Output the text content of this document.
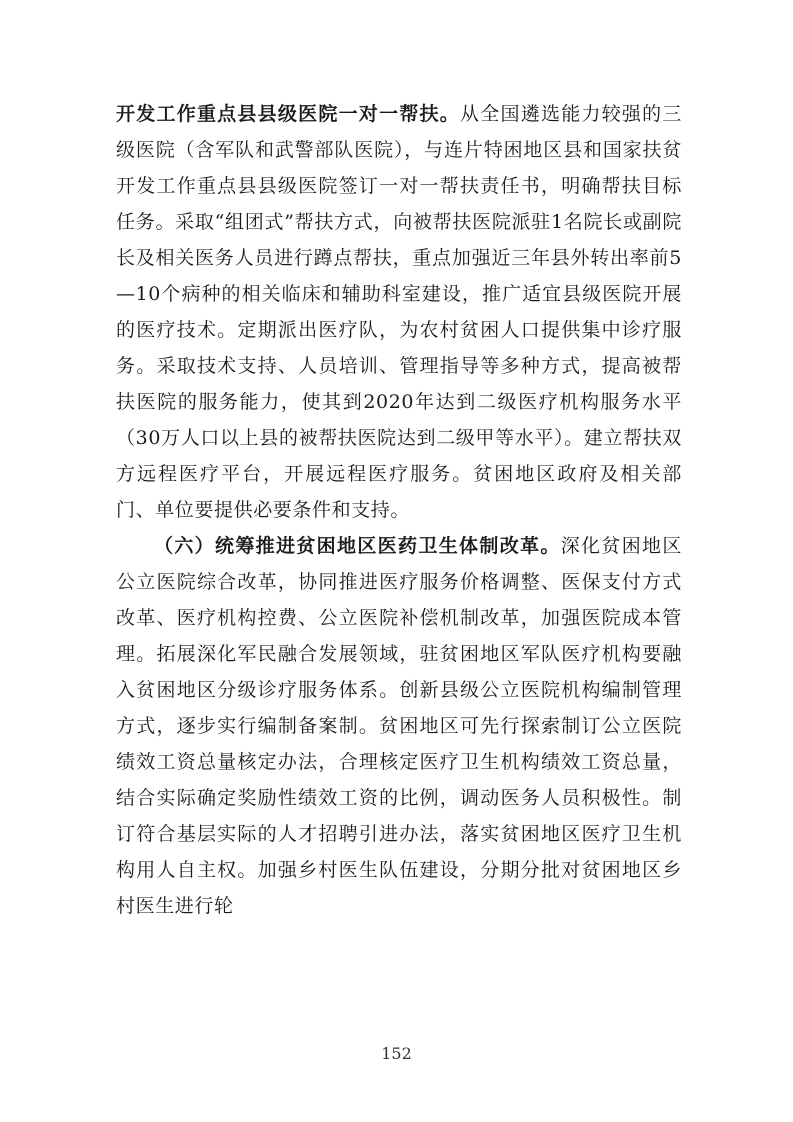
开发工作重点县县级医院一对一帮扶。从全国遴选能力较强的三级医院（含军队和武警部队医院），与连片特困地区县和国家扶贫开发工作重点县县级医院签订一对一帮扶责任书，明确帮扶目标任务。采取“组团式”帮扶方式，向被帮扶医院派驻1名院长或副院长及相关医务人员进行蹲点帮扶，重点加强近三年县外转出率前5—10个病种的相关临床和辅助科室建设，推广适宜县级医院开展的医疗技术。定期派出医疗队，为农村贫困人口提供集中诊疗服务。采取技术支持、人员培训、管理指导等多种方式，提高被帮扶医院的服务能力，使其到2020年达到二级医疗机构服务水平（30万人口以上县的被帮扶医院达到二级甲等水平）。建立帮扶双方远程医疗平台，开展远程医疗服务。贫困地区政府及相关部门、单位要提供必要条件和支持。

（六）统筹推进贫困地区医药卫生体制改革。深化贫困地区公立医院综合改革，协同推进医疗服务价格调整、医保支付方式改革、医疗机构控费、公立医院补偿机制改革，加强医院成本管理。拓展深化军民融合发展领域，驻贫困地区军队医疗机构要融入贫困地区分级诊疗服务体系。创新县级公立医院机构编制管理方式，逐步实行编制备案制。贫困地区可先行探索制订公立医院绩效工资总量核定办法，合理核定医疗卫生机构绩效工资总量，结合实际确定奖励性绩效工资的比例，调动医务人员积极性。制订符合基层实际的人才招聘引进办法，落实贫困地区医疗卫生机构用人自主权。加强乡村医生队伍建设，分期分批对贫困地区乡村医生进行轮

152
